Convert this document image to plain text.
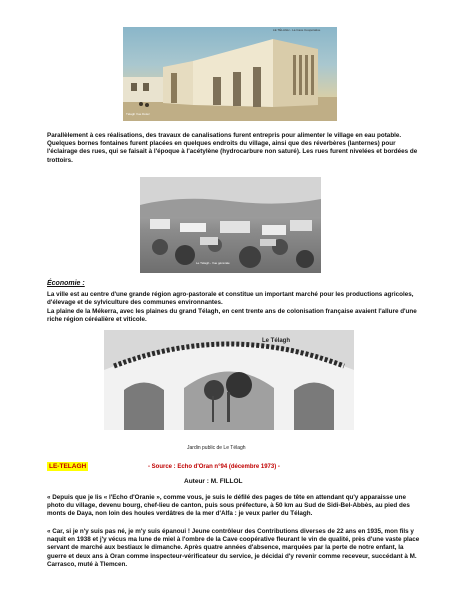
Télagh Vue Dolez
LE TÉLAGH - La Cave Coopérative
Parallèlement à ces réalisations, des travaux de canalisations furent entrepris pour alimenter le village en eau potable. Quelques bornes fontaines furent placées en quelques endroits du village, ainsi que des réverbères (lanternes) pour l'éclairage des rues, qui se faisait à l'époque à l'acétylène (hydrocarbure non saturé). Les rues furent nivelées et bordées de trottoirs.
Le Télagh - Vue générale
Économie :
La ville est au centre d'une grande région agro-pastorale et constitue un important marché pour les productions agricoles, d'élevage et de sylviculture des communes environnantes.
La plaine de la Mékerra, avec les plaines du grand Télagh, en cent trente ans de colonisation française avaient l'allure d'une riche région céréalière et viticole.
Le Télagh
Jardin public de Le Télagh
LE-TELAGH	- Source : Echo d'Oran n°94 (décembre 1973) -
Auteur : M. FILLOL
« Depuis que je lis « l'Echo d'Oranie », comme vous, je suis le défilé des pages de tête en attendant qu'y apparaisse une photo du village, devenu bourg, chef-lieu de canton, puis sous préfecture, à 50 km au Sud de Sidi-Bel-Abbès, au pied des monts de Daya, non loin des houles verdâtres de la mer d'Alfa : je veux parler du Télagh.
« Car, si je n'y suis pas né, je m'y suis épanoui ! Jeune contrôleur des Contributions diverses de 22 ans en 1935, mon fils y naquit en 1938 et j'y vécus ma lune de miel à l'ombre de la Cave coopérative fleurant le vin de qualité, près d'une vaste place servant de marché aux bestiaux le dimanche. Après quatre années d'absence, marquées par la perte de notre enfant, la guerre et deux ans à Oran comme inspecteur-vérificateur du service, je décidai d'y revenir comme receveur, succédant à M. Carrasco, muté à Tlemcen.
